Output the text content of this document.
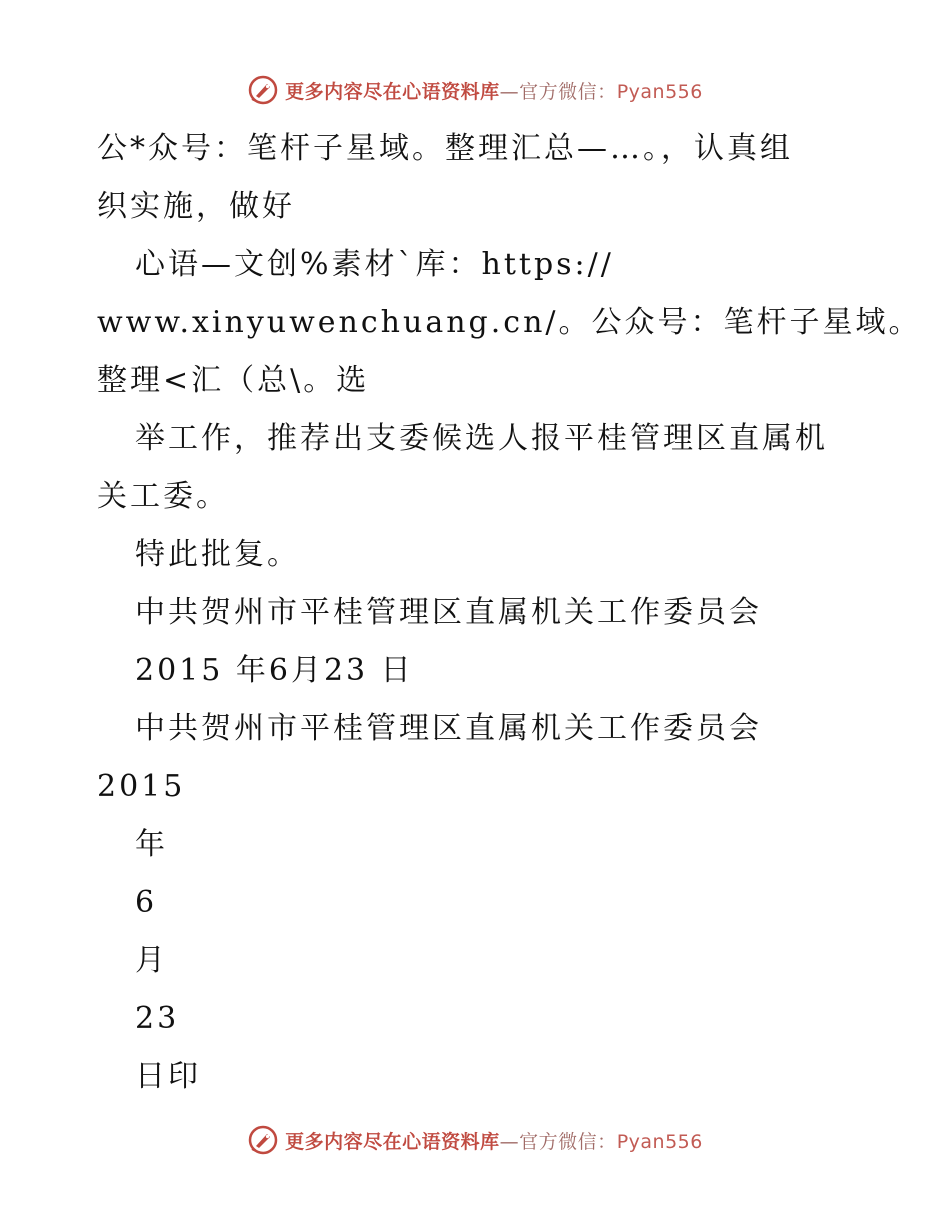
更多内容尽在心语资料库—官方微信：Pyan556
公*众号：笔杆子星域。整理汇总—…。，认真组
织实施，做好
心语—文创%素材`库：https://
www.xinyuwenchuang.cn/。公众号：笔杆子星域。
整理<汇（总\。选
举工作，推荐出支委候选人报平桂管理区直属机
关工委。
特此批复。
中共贺州市平桂管理区直属机关工作委员会
2015 年6月23 日
中共贺州市平桂管理区直属机关工作委员会
2015
年
6
月
23
日印
更多内容尽在心语资料库—官方微信：Pyan556
